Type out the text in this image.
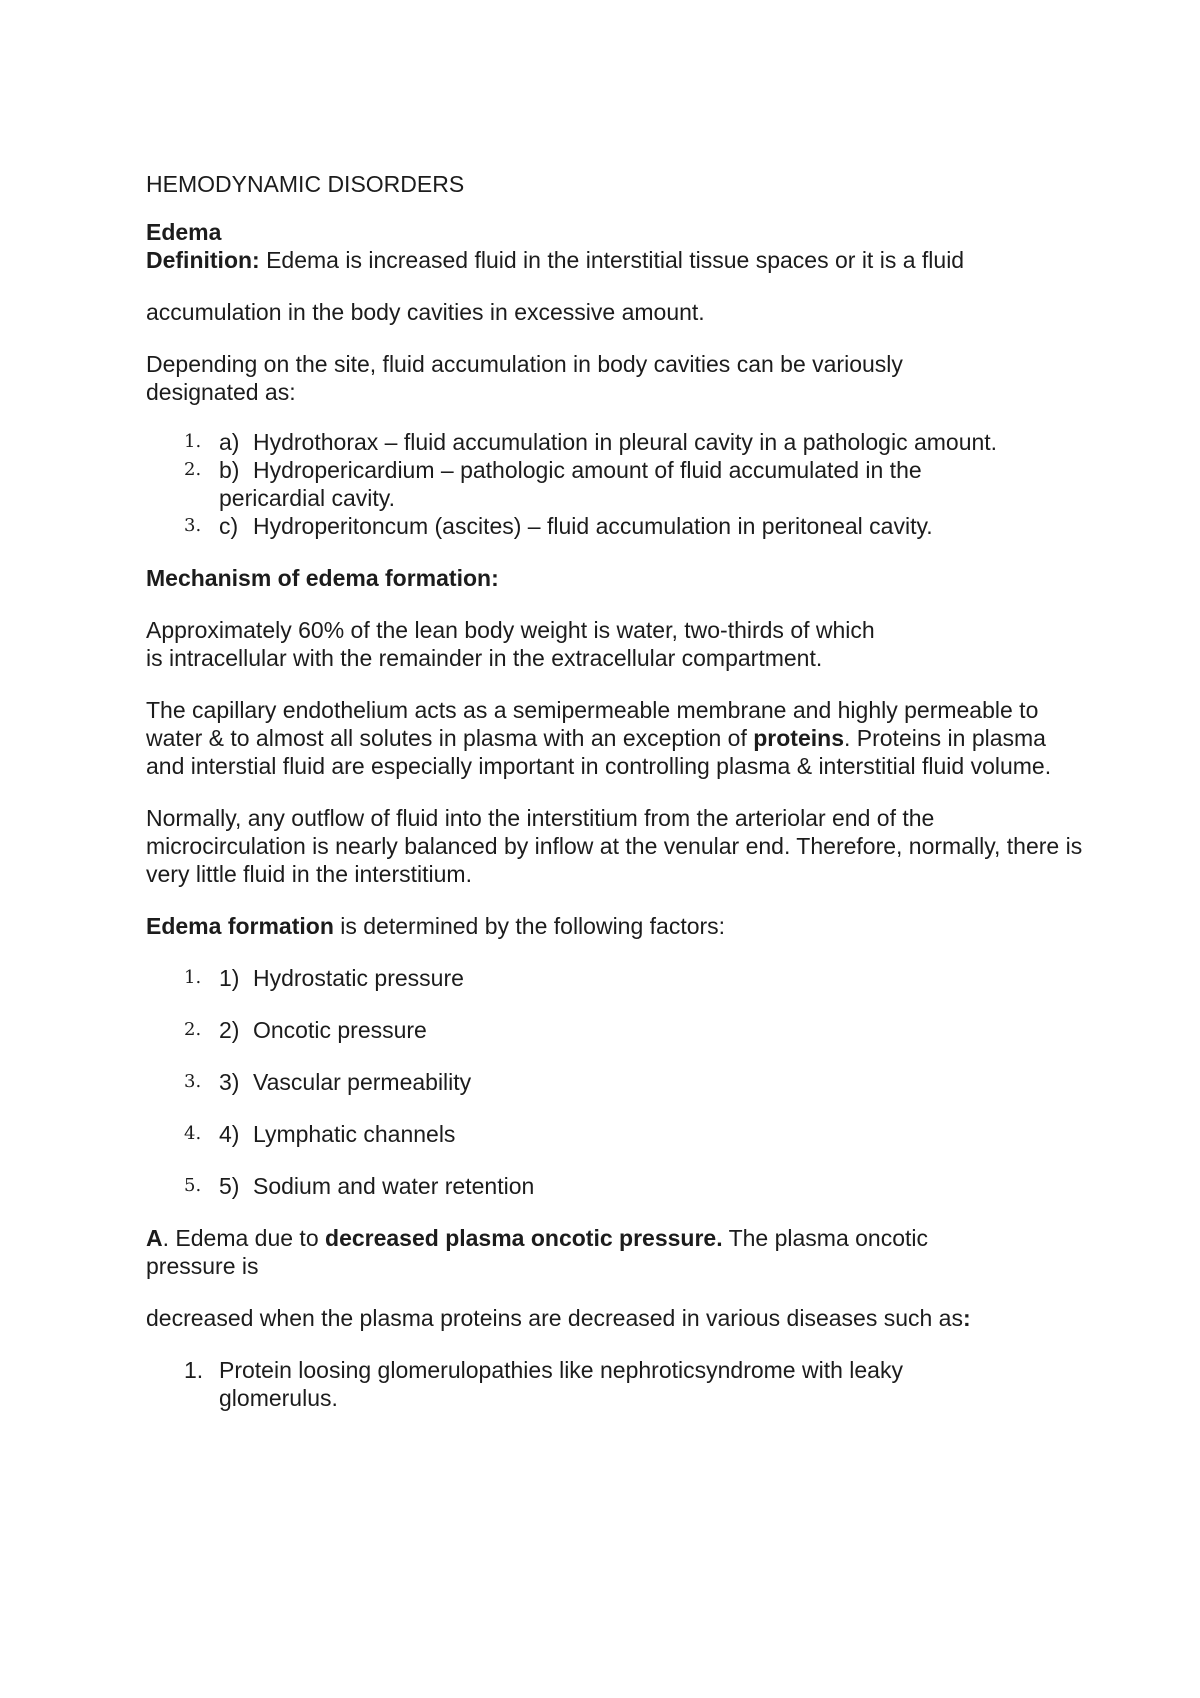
HEMODYNAMIC DISORDERS

Edema

Definition: Edema is increased fluid in the interstitial tissue spaces or it is a fluid

accumulation in the body cavities in excessive amount.

Depending on the site, fluid accumulation in body cavities can be variously designated as:

1. a) Hydrothorax – fluid accumulation in pleural cavity in a pathologic amount.
2. b) Hydropericardium – pathologic amount of fluid accumulated in the pericardial cavity.
3. c) Hydroperitoncum (ascites) – fluid accumulation in peritoneal cavity.

Mechanism of edema formation:

Approximately 60% of the lean body weight is water, two-thirds of which is intracellular with the remainder in the extracellular compartment.

The capillary endothelium acts as a semipermeable membrane and highly permeable to water & to almost all solutes in plasma with an exception of proteins. Proteins in plasma and interstial fluid are especially important in controlling plasma & interstitial fluid volume.

Normally, any outflow of fluid into the interstitium from the arteriolar end of the microcirculation is nearly balanced by inflow at the venular end. Therefore, normally, there is very little fluid in the interstitium.

Edema formation is determined by the following factors:

1. 1) Hydrostatic pressure
2. 2) Oncotic pressure
3. 3) Vascular permeability
4. 4) Lymphatic channels
5. 5) Sodium and water retention

A. Edema due to decreased plasma oncotic pressure. The plasma oncotic pressure is

decreased when the plasma proteins are decreased in various diseases such as:

1. Protein loosing glomerulopathies like nephroticsyndrome with leaky glomerulus.
